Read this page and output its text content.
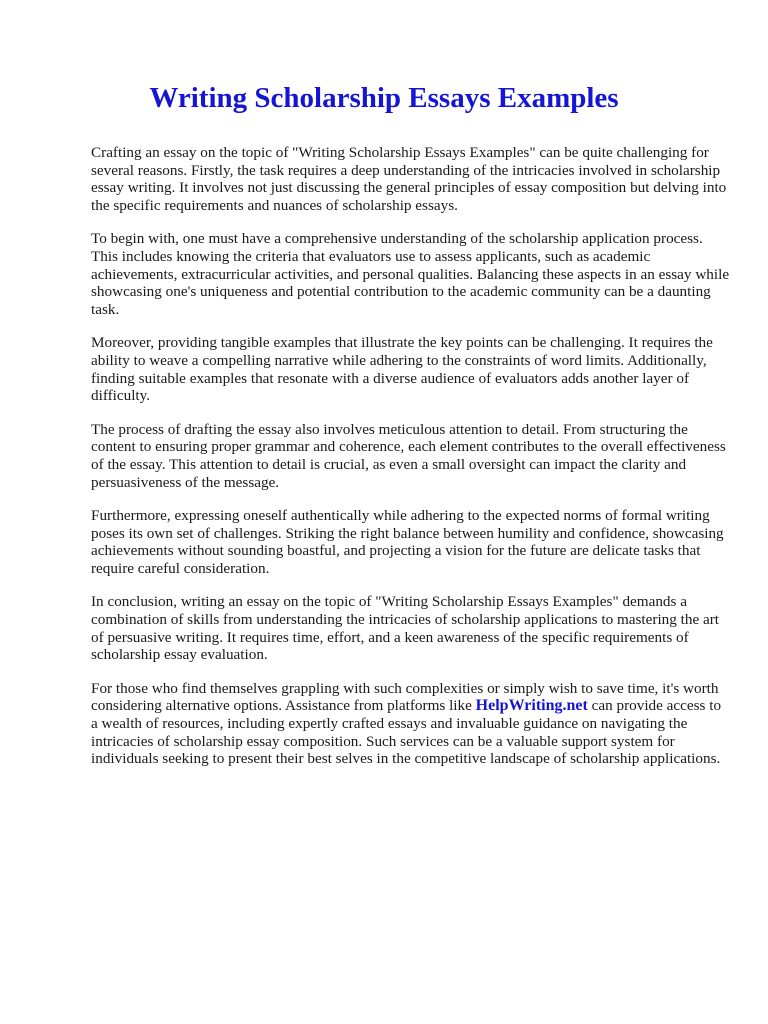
Writing Scholarship Essays Examples

Crafting an essay on the topic of "Writing Scholarship Essays Examples" can be quite challenging for several reasons. Firstly, the task requires a deep understanding of the intricacies involved in scholarship essay writing. It involves not just discussing the general principles of essay composition but delving into the specific requirements and nuances of scholarship essays.

To begin with, one must have a comprehensive understanding of the scholarship application process. This includes knowing the criteria that evaluators use to assess applicants, such as academic achievements, extracurricular activities, and personal qualities. Balancing these aspects in an essay while showcasing one's uniqueness and potential contribution to the academic community can be a daunting task.

Moreover, providing tangible examples that illustrate the key points can be challenging. It requires the ability to weave a compelling narrative while adhering to the constraints of word limits. Additionally, finding suitable examples that resonate with a diverse audience of evaluators adds another layer of difficulty.

The process of drafting the essay also involves meticulous attention to detail. From structuring the content to ensuring proper grammar and coherence, each element contributes to the overall effectiveness of the essay. This attention to detail is crucial, as even a small oversight can impact the clarity and persuasiveness of the message.

Furthermore, expressing oneself authentically while adhering to the expected norms of formal writing poses its own set of challenges. Striking the right balance between humility and confidence, showcasing achievements without sounding boastful, and projecting a vision for the future are delicate tasks that require careful consideration.

In conclusion, writing an essay on the topic of "Writing Scholarship Essays Examples" demands a combination of skills from understanding the intricacies of scholarship applications to mastering the art of persuasive writing. It requires time, effort, and a keen awareness of the specific requirements of scholarship essay evaluation.

For those who find themselves grappling with such complexities or simply wish to save time, it's worth considering alternative options. Assistance from platforms like HelpWriting.net can provide access to a wealth of resources, including expertly crafted essays and invaluable guidance on navigating the intricacies of scholarship essay composition. Such services can be a valuable support system for individuals seeking to present their best selves in the competitive landscape of scholarship applications.
